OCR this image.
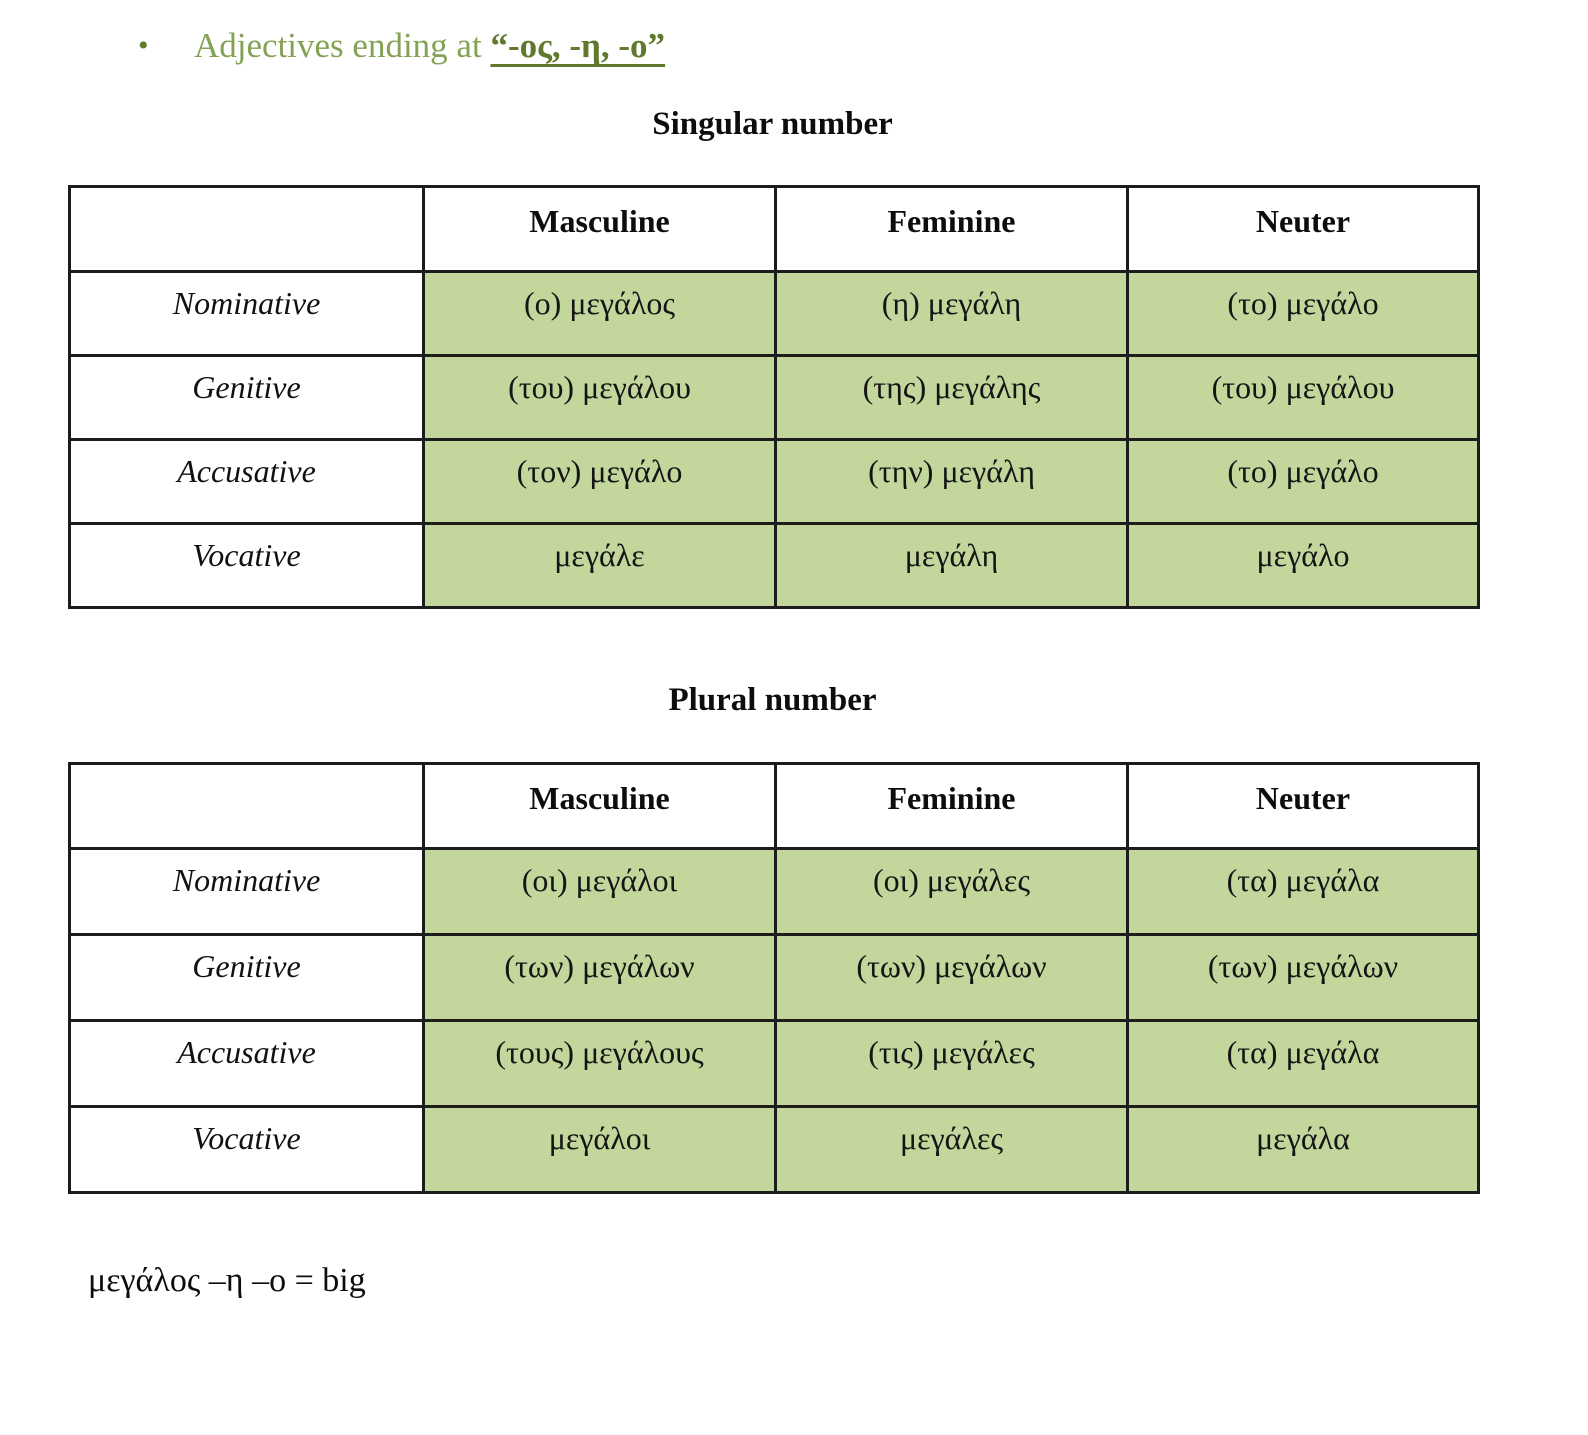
• Adjectives ending at “-ος, -η, -ο”
Singular number
	Masculine	Feminine	Neuter
Nominative	(ο) μεγάλος	(η) μεγάλη	(το) μεγάλο
Genitive	(του) μεγάλου	(της) μεγάλης	(του) μεγάλου
Accusative	(τον) μεγάλο	(την) μεγάλη	(το) μεγάλο
Vocative	μεγάλε	μεγάλη	μεγάλο
Plural number
	Masculine	Feminine	Neuter
Nominative	(οι) μεγάλοι	(οι) μεγάλες	(τα) μεγάλα
Genitive	(των) μεγάλων	(των) μεγάλων	(των) μεγάλων
Accusative	(τους) μεγάλους	(τις) μεγάλες	(τα) μεγάλα
Vocative	μεγάλοι	μεγάλες	μεγάλα
μεγάλος –η –ο = big
